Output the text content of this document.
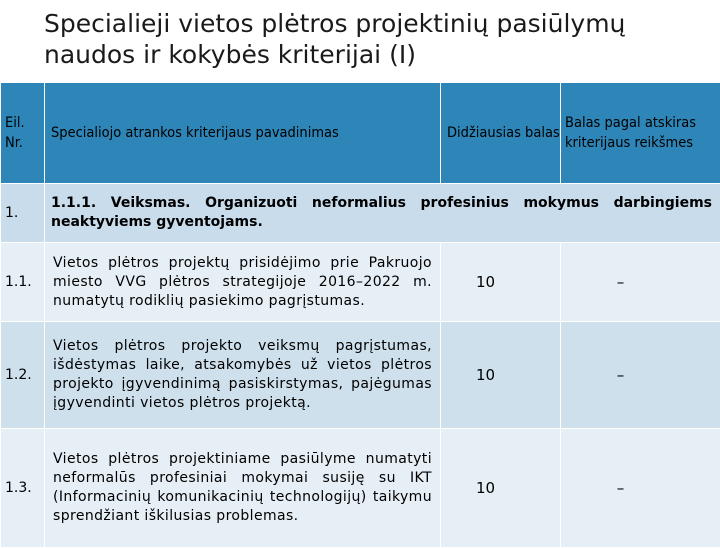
Specialieji vietos plėtros projektinių pasiūlymų naudos ir kokybės kriterijai (I)
Eil. Nr.	Specialiojo atrankos kriterijaus pavadinimas	Didžiausias balas	Balas pagal atskiras kriterijaus reikšmes
1.	1.1.1. Veiksmas. Organizuoti neformalius profesinius mokymus darbingiems neaktyviems gyventojams.		
1.1.	Vietos plėtros projektų prisidėjimo prie Pakruojo miesto VVG plėtros strategijoje 2016–2022 m. numatytų rodiklių pasiekimo pagrįstumas.	10	–
1.2.	Vietos plėtros projekto veiksmų pagrįstumas, išdėstymas laike, atsakomybės už vietos plėtros projekto įgyvendinimą pasiskirstymas, pajėgumas įgyvendinti vietos plėtros projektą.	10	–
1.3.	Vietos plėtros projektiniame pasiūlyme numatyti neformalūs profesiniai mokymai susiję su IKT (Informacinių komunikacinių technologijų) taikymu sprendžiant iškilusias problemas.	10	–
